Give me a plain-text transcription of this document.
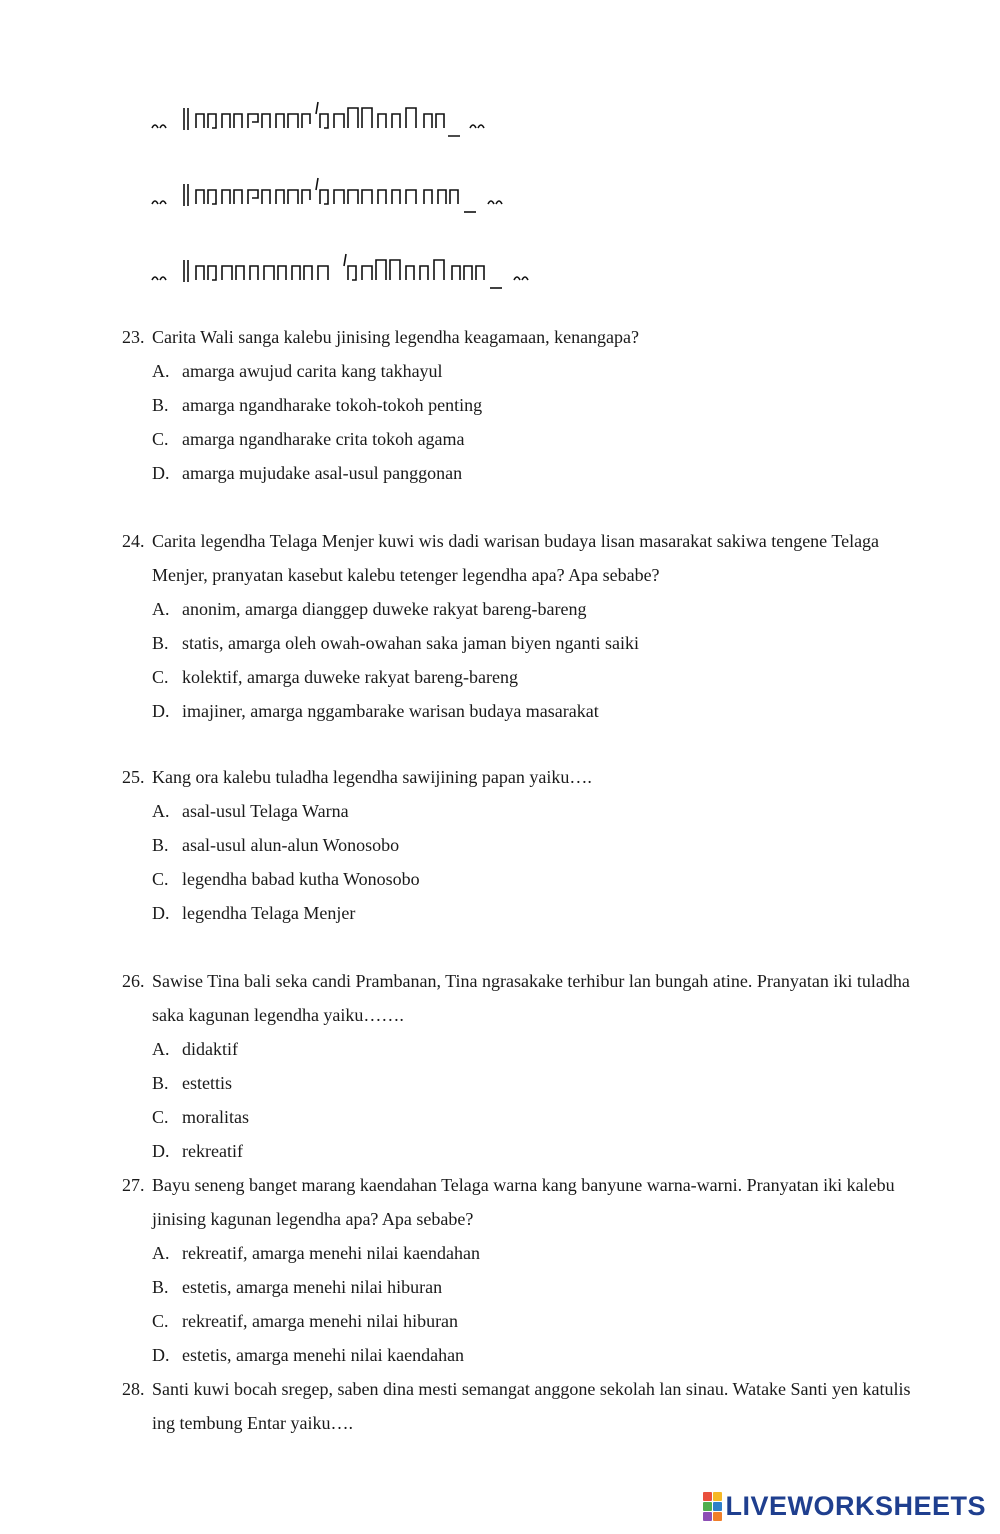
23. Carita Wali sanga kalebu jinising legendha keagamaan, kenangapa?
A. amarga awujud carita kang takhayul
B. amarga ngandharake tokoh-tokoh penting
C. amarga ngandharake crita tokoh agama
D. amarga mujudake asal-usul panggonan
24. Carita legendha Telaga Menjer kuwi wis dadi warisan budaya lisan masarakat sakiwa tengene Telaga Menjer, pranyatan kasebut kalebu tetenger legendha apa? Apa sebabe?
A. anonim, amarga dianggep duweke rakyat bareng-bareng
B. statis, amarga oleh owah-owahan saka jaman biyen nganti saiki
C. kolektif, amarga duweke rakyat bareng-bareng
D. imajiner, amarga nggambarake warisan budaya masarakat
25. Kang ora kalebu tuladha legendha sawijining papan yaiku….
A. asal-usul Telaga Warna
B. asal-usul alun-alun Wonosobo
C. legendha babad kutha Wonosobo
D. legendha Telaga Menjer
26. Sawise Tina bali seka candi Prambanan, Tina ngrasakake terhibur lan bungah atine. Pranyatan iki tuladha saka kagunan legendha yaiku…….
A. didaktif
B. estettis
C. moralitas
D. rekreatif
27. Bayu seneng banget marang kaendahan Telaga warna kang banyune warna-warni. Pranyatan iki kalebu jinising kagunan legendha apa? Apa sebabe?
A. rekreatif, amarga menehi nilai kaendahan
B. estetis, amarga menehi nilai hiburan
C. rekreatif, amarga menehi nilai hiburan
D. estetis, amarga menehi nilai kaendahan
28. Santi kuwi bocah sregep, saben dina mesti semangat anggone sekolah lan sinau. Watake Santi yen katulis ing tembung Entar yaiku….
LIVEWORKSHEETS
